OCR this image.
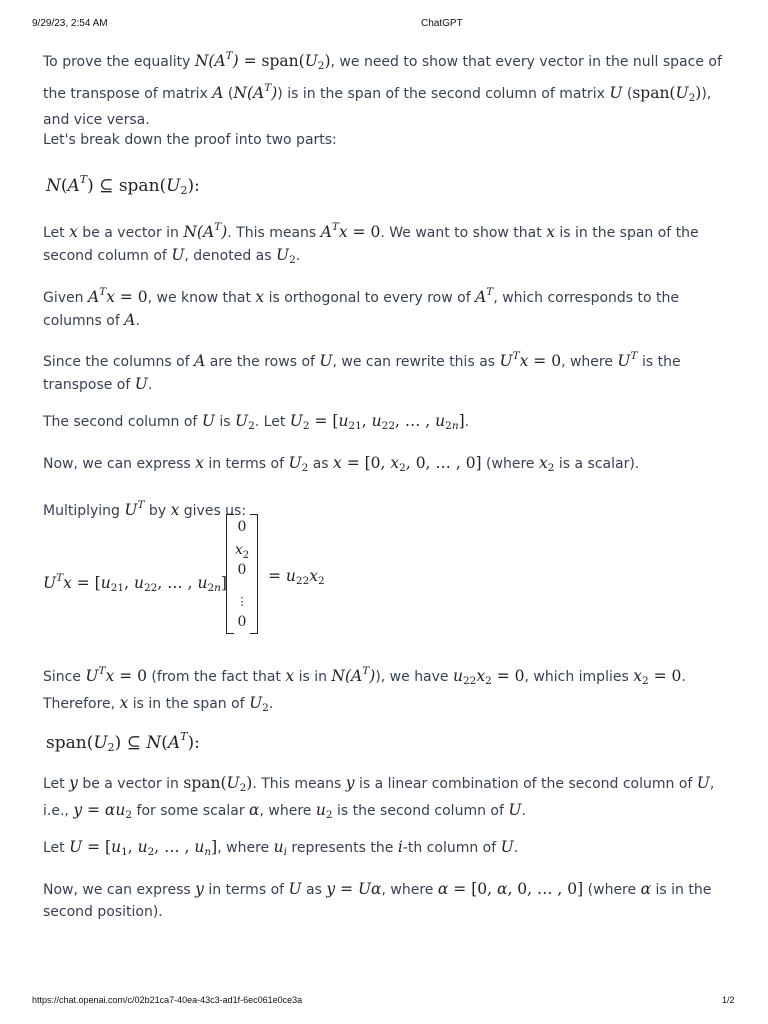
9/29/23, 2:54 AM	ChatGPT
To prove the equality $N(A^T)$ = $span(U_2)$, we need to show that every vector in the null space of the transpose of matrix A $(N(A^T))$ is in the span of the second column of matrix U $(span(U_2))$, and vice versa.
Let's break down the proof into two parts:
$N(A^T)$ ⊆ $span(U_2)$:
Let x be a vector in $N(A^T)$. This means $A^Tx = 0$. We want to show that x is in the span of the second column of U, denoted as $U_2$.
Given $A^Tx = 0$, we know that x is orthogonal to every row of $A^T$, which corresponds to the columns of A.
Since the columns of A are the rows of U, we can rewrite this as $U^Tx = 0$, where $U^T$ is the transpose of U.
The second column of U is $U_2$. Let $U_2 = [u_{21}$, $u_{22}$, … , $u_{2n}$].
Now, we can express x in terms of $U_2$ as x = [0, $x_2$, 0, … , 0] (where $x_2$ is a scalar).
Multiplying $U^T$ by x gives us:
$U^Tx = [u_{21}$, $u_{22}$, … , $u_{2n}$]
0
$x_2$
0
⋮
0
= $u_{22}x_2$
Since $U^Tx = 0$ (from the fact that x is in $N(A^T)$), we have $u_{22}x_2 = 0$, which implies $x_2 = 0$. Therefore, x is in the span of $U_2$.
$span(U_2)$ ⊆ $N(A^T)$:
Let y be a vector in $span(U_2)$. This means y is a linear combination of the second column of U, i.e., $y = \alpha u_2$ for some scalar α, where $u_2$ is the second column of U.
Let $U = [u_1$, $u_2$, … , $u_n$], where $u_i$ represents the i-th column of U.
Now, we can express y in terms of U as y = Uα, where α = [0, α, 0, … , 0] (where α is in the second position).
https://chat.openai.com/c/02b21ca7-40ea-43c3-ad1f-6ec061e0ce3a	1/2
